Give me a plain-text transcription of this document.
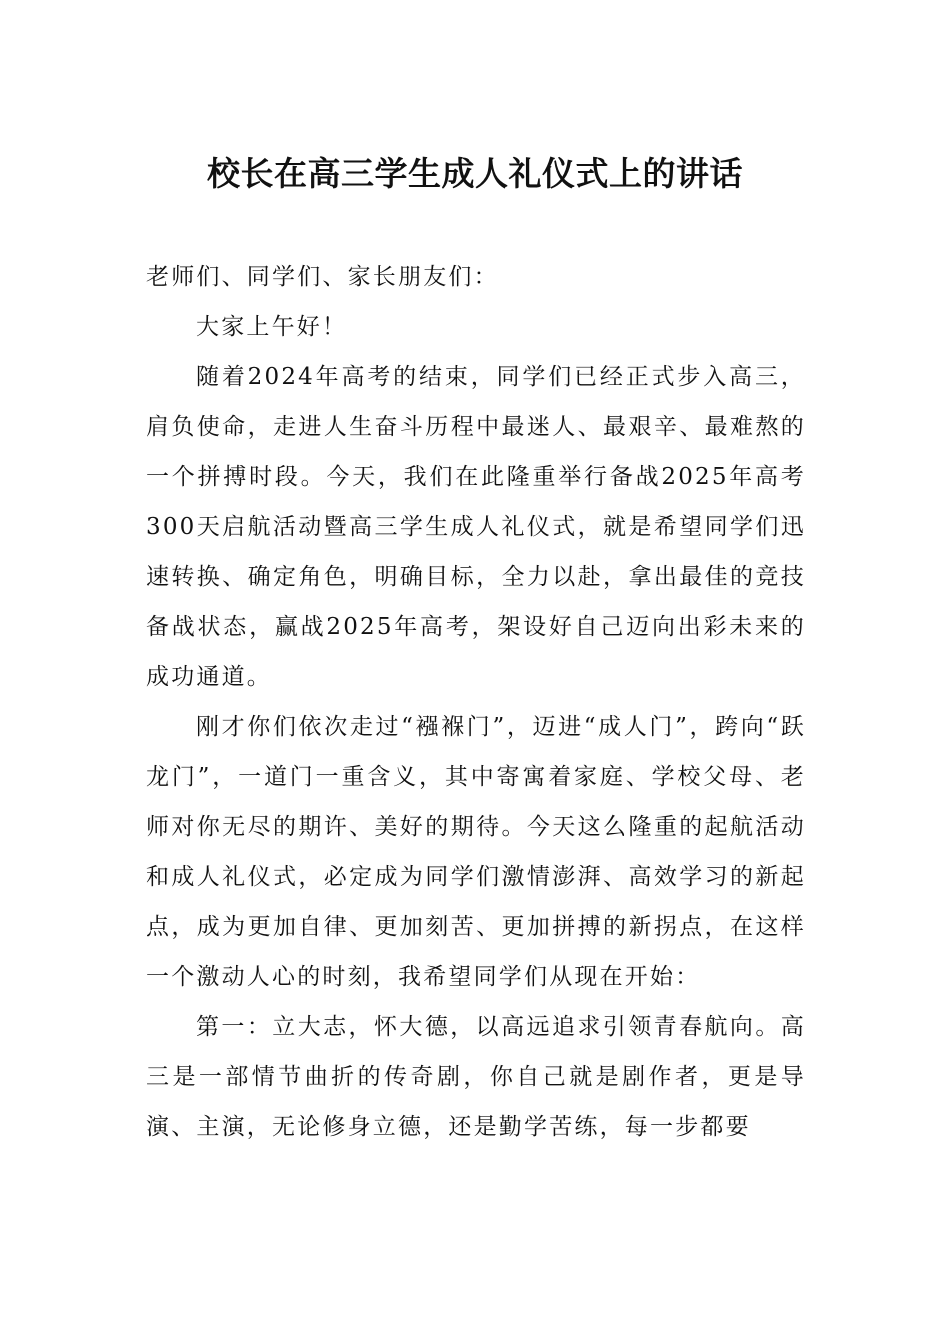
校长在高三学生成人礼仪式上的讲话

老师们、同学们、家长朋友们：

大家上午好！

随着2024年高考的结束，同学们已经正式步入高三，肩负使命，走进人生奋斗历程中最迷人、最艰辛、最难熬的一个拼搏时段。今天，我们在此隆重举行备战2025年高考300天启航活动暨高三学生成人礼仪式，就是希望同学们迅速转换、确定角色，明确目标，全力以赴，拿出最佳的竞技备战状态，赢战2025年高考，架设好自己迈向出彩未来的成功通道。

刚才你们依次走过“襁褓门”，迈进“成人门”，跨向“跃龙门”，一道门一重含义，其中寄寓着家庭、学校父母、老师对你无尽的期许、美好的期待。今天这么隆重的起航活动和成人礼仪式，必定成为同学们激情澎湃、高效学习的新起点，成为更加自律、更加刻苦、更加拼搏的新拐点，在这样一个激动人心的时刻，我希望同学们从现在开始：

第一：立大志，怀大德，以高远追求引领青春航向。高三是一部情节曲折的传奇剧，你自己就是剧作者，更是导演、主演，无论修身立德，还是勤学苦练，每一步都要
